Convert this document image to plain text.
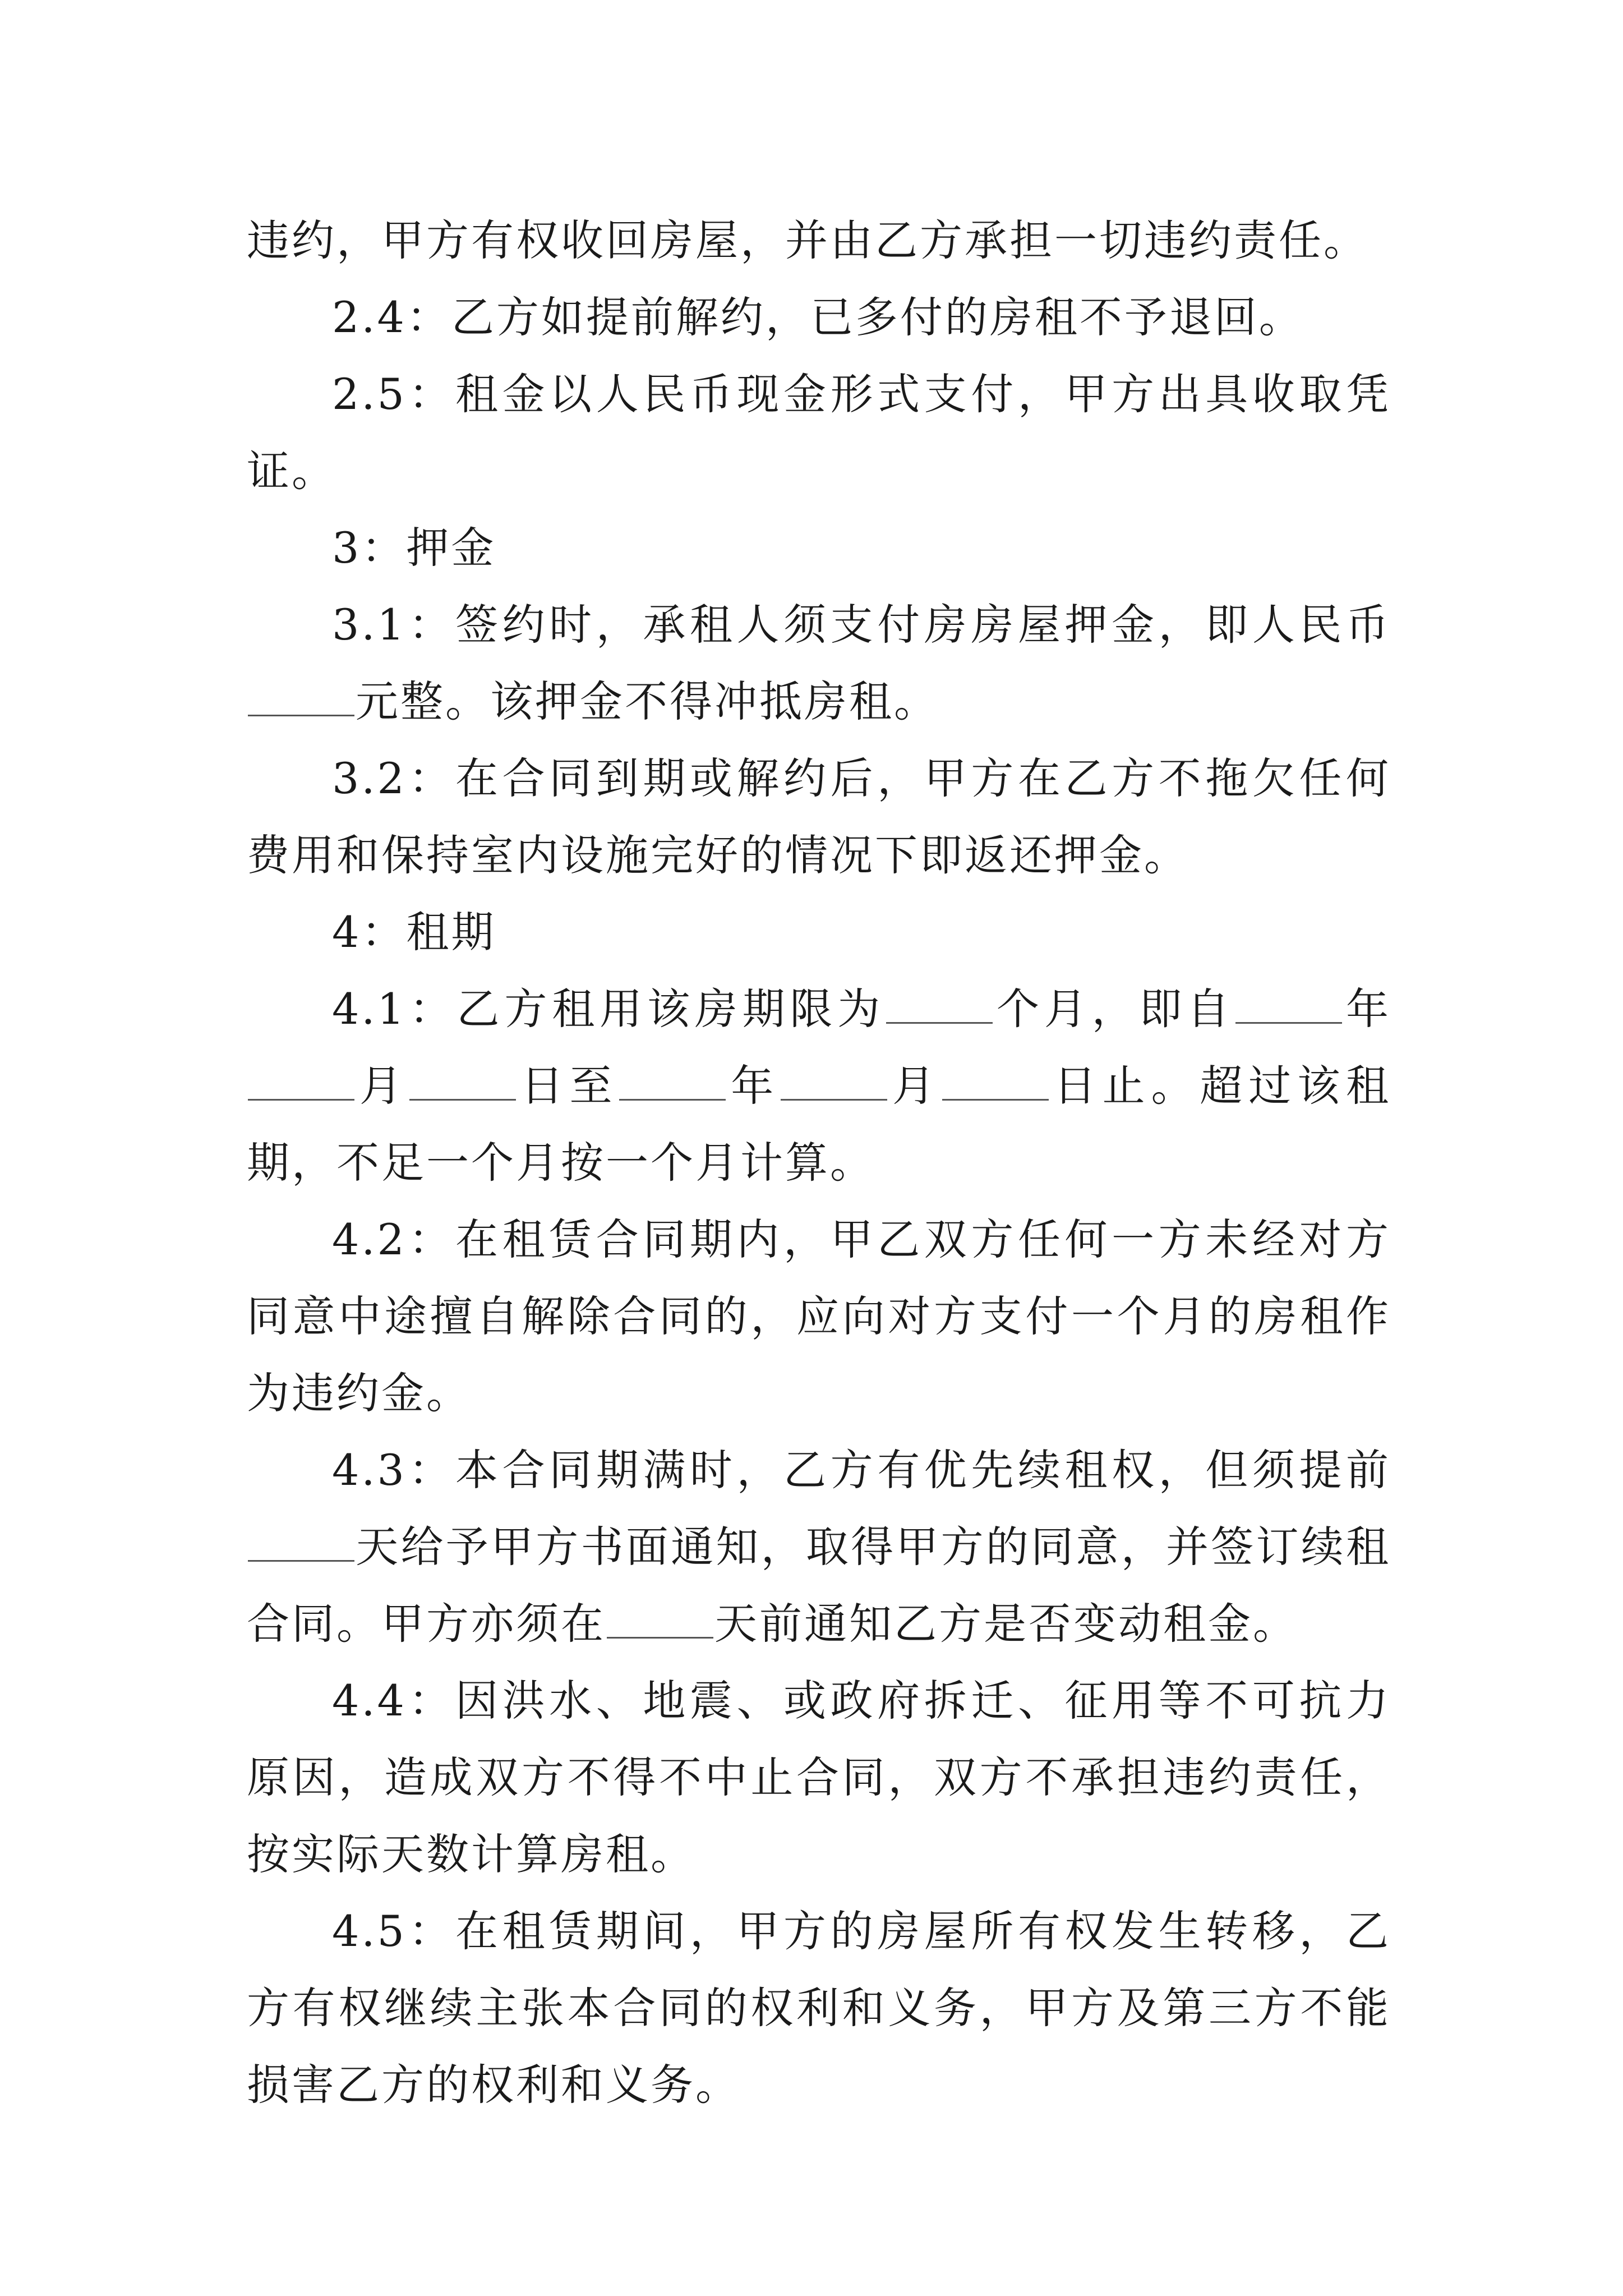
违约，甲方有权收回房屋，并由乙方承担一切违约责任。

2.4：乙方如提前解约，已多付的房租不予退回。

2.5：租金以人民币现金形式支付，甲方出具收取凭证。

3：押金

3.1：签约时，承租人须支付房房屋押金，即人民币元整。该押金不得冲抵房租。

3.2：在合同到期或解约后，甲方在乙方不拖欠任何费用和保持室内设施完好的情况下即返还押金。

4：租期

4.1：乙方租用该房期限为	个月，即自	年月	日至	年	月	日止。超过该租期，不足一个月按一个月计算。

4.2：在租赁合同期内，甲乙双方任何一方未经对方同意中途擅自解除合同的，应向对方支付一个月的房租作为违约金。

4.3：本合同期满时，乙方有优先续租权，但须提前天给予甲方书面通知，取得甲方的同意，并签订续租合同。甲方亦须在	天前通知乙方是否变动租金。

4.4：因洪水、地震、或政府拆迁、征用等不可抗力原因，造成双方不得不中止合同，双方不承担违约责任，按实际天数计算房租。

4.5：在租赁期间，甲方的房屋所有权发生转移，乙方有权继续主张本合同的权利和义务，甲方及第三方不能损害乙方的权利和义务。
